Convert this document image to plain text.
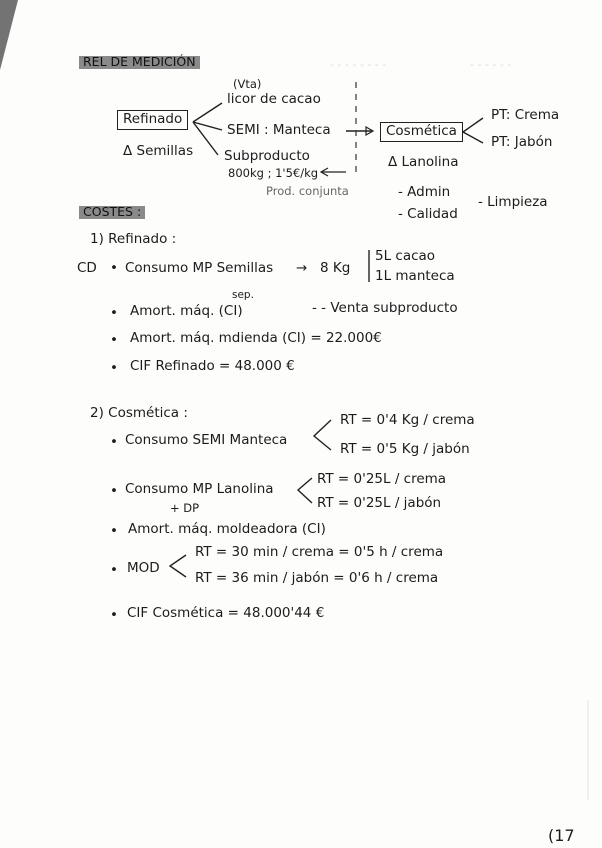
- - - - - - - -	- - - - - -
REL DE MEDICIÓN
(Vta)
licor de cacao
Refinado
SEMI : Manteca
Δ Semillas Subproducto
800kg ; 1'5€/kg
Prod. conjunta
Cosmética
PT: Crema
PT: Jabón
Δ Lanolina
- Admin
- Calidad
- Limpieza
COSTES :
1) Refinado :
CD • Consumo MP Semillas → 8 Kg
5L cacao
1L manteca
sep.
• Amort. máq. (CI)	- - Venta subproducto
• Amort. máq. mdienda (CI) = 22.000€
• CIF Refinado = 48.000 €
2) Cosmética :	RT = 0'4 Kg / crema
• Consumo SEMI Manteca
RT = 0'5 Kg / jabón
RT = 0'25L / crema
• Consumo MP Lanolina
RT = 0'25L / jabón
+ DP
• Amort. máq. moldeadora (CI)
RT = 30 min / crema = 0'5 h / crema
• MOD
RT = 36 min / jabón = 0'6 h / crema
• CIF Cosmética = 48.000'44 €
(17
